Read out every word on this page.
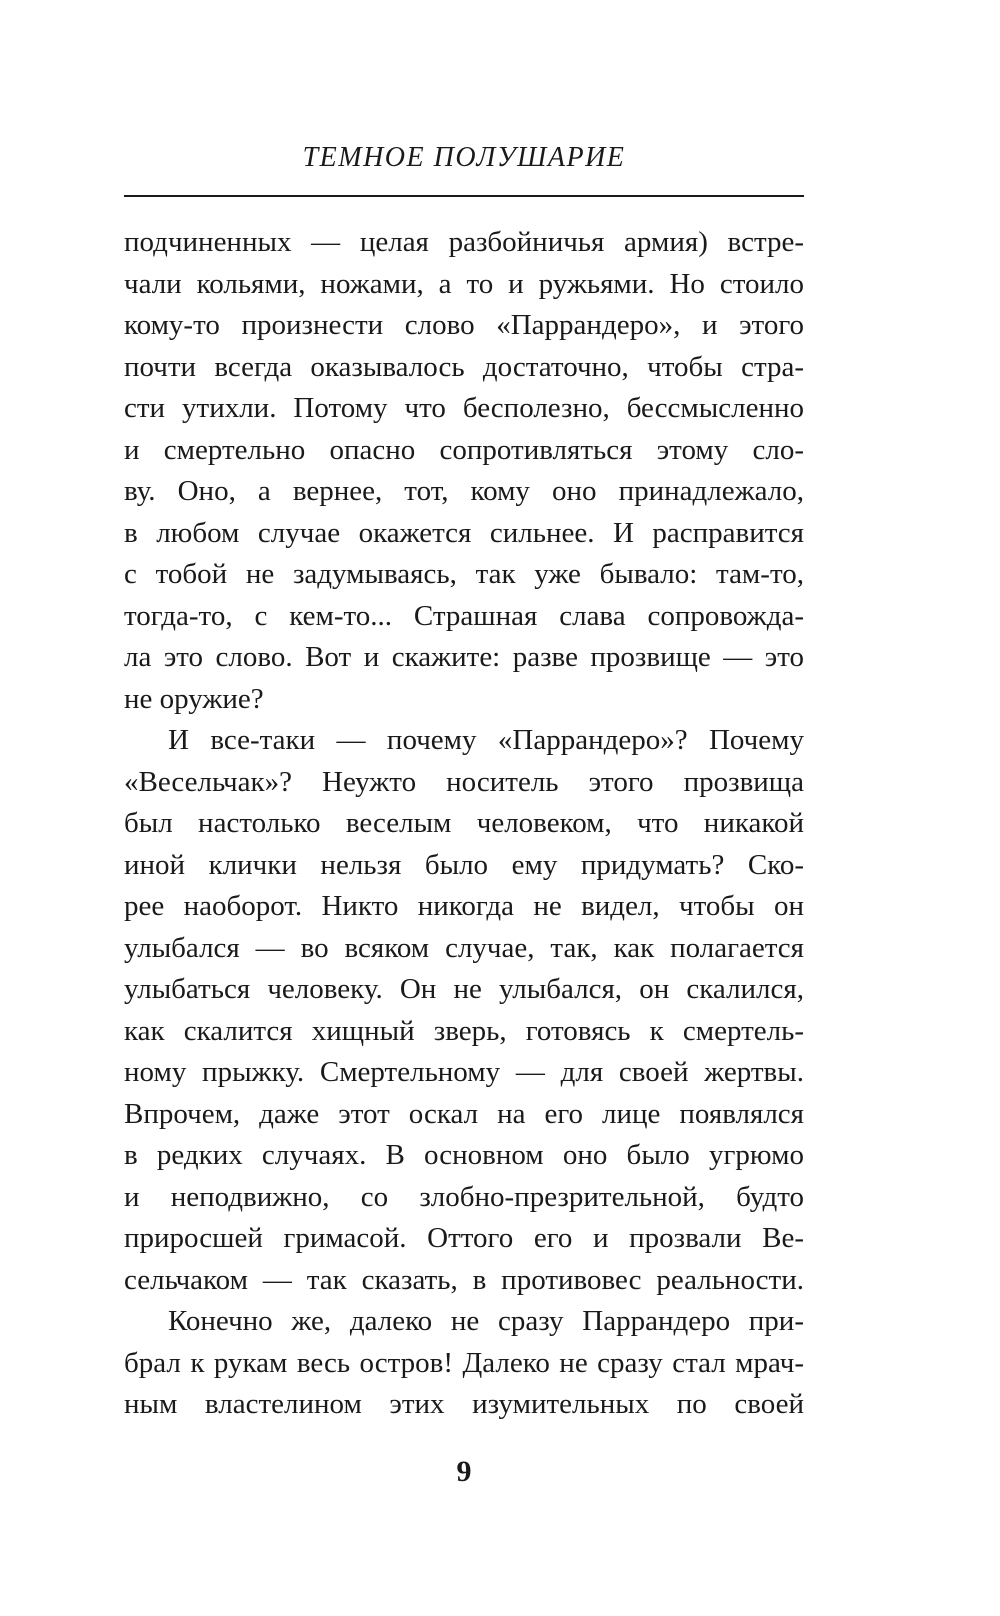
ТЕМНОЕ ПОЛУШАРИЕ
подчиненных — целая разбойничья армия) встре-
чали кольями, ножами, а то и ружьями. Но стоило
кому-то произнести слово «Паррандеро», и этого
почти всегда оказывалось достаточно, чтобы стра-
сти утихли. Потому что бесполезно, бессмысленно
и смертельно опасно сопротивляться этому сло-
ву. Оно, а вернее, тот, кому оно принадлежало,
в любом случае окажется сильнее. И расправится
с тобой не задумываясь, так уже бывало: там-то,
тогда-то, с кем-то... Страшная слава сопровожда-
ла это слово. Вот и скажите: разве прозвище — это
не оружие?
И все-таки — почему «Паррандеро»? Почему
«Весельчак»? Неужто носитель этого прозвища
был настолько веселым человеком, что никакой
иной клички нельзя было ему придумать? Ско-
рее наоборот. Никто никогда не видел, чтобы он
улыбался — во всяком случае, так, как полагается
улыбаться человеку. Он не улыбался, он скалился,
как скалится хищный зверь, готовясь к смертель-
ному прыжку. Смертельному — для своей жертвы.
Впрочем, даже этот оскал на его лице появлялся
в редких случаях. В основном оно было угрюмо
и неподвижно, со злобно-презрительной, будто
приросшей гримасой. Оттого его и прозвали Ве-
сельчаком — так сказать, в противовес реальности.
Конечно же, далеко не сразу Паррандеро при-
брал к рукам весь остров! Далеко не сразу стал мрач-
ным властелином этих изумительных по своей
9
